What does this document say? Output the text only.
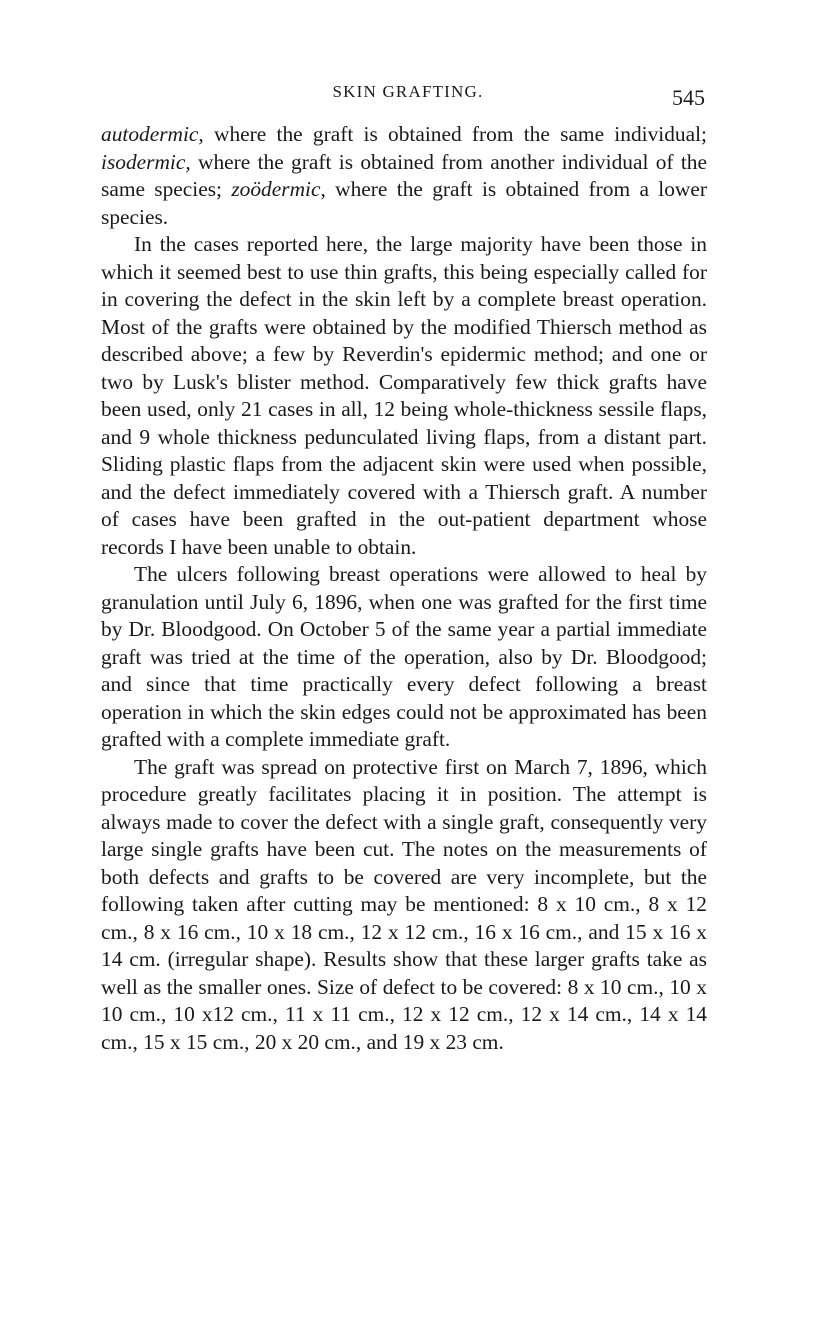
SKIN GRAFTING.	545

autodermic, where the graft is obtained from the same individual; isodermic, where the graft is obtained from another individual of the same species; zoödermic, where the graft is obtained from a lower species.

In the cases reported here, the large majority have been those in which it seemed best to use thin grafts, this being especially called for in covering the defect in the skin left by a complete breast operation. Most of the grafts were obtained by the modified Thiersch method as described above; a few by Reverdin's epidermic method; and one or two by Lusk's blister method. Comparatively few thick grafts have been used, only 21 cases in all, 12 being whole-thickness sessile flaps, and 9 whole thickness pedunculated living flaps, from a distant part. Sliding plastic flaps from the adjacent skin were used when possible, and the defect immediately covered with a Thiersch graft. A number of cases have been grafted in the out-patient department whose records I have been unable to obtain.

The ulcers following breast operations were allowed to heal by granulation until July 6, 1896, when one was grafted for the first time by Dr. Bloodgood. On October 5 of the same year a partial immediate graft was tried at the time of the operation, also by Dr. Bloodgood; and since that time practically every defect following a breast operation in which the skin edges could not be approximated has been grafted with a complete immediate graft.

The graft was spread on protective first on March 7, 1896, which procedure greatly facilitates placing it in position. The attempt is always made to cover the defect with a single graft, consequently very large single grafts have been cut. The notes on the measurements of both defects and grafts to be covered are very incomplete, but the following taken after cutting may be mentioned: 8 x 10 cm., 8 x 12 cm., 8 x 16 cm., 10 x 18 cm., 12 x 12 cm., 16 x 16 cm., and 15 x 16 x 14 cm. (irregular shape). Results show that these larger grafts take as well as the smaller ones. Size of defect to be covered: 8 x 10 cm., 10 x 10 cm., 10 x12 cm., 11 x 11 cm., 12 x 12 cm., 12 x 14 cm., 14 x 14 cm., 15 x 15 cm., 20 x 20 cm., and 19 x 23 cm.
